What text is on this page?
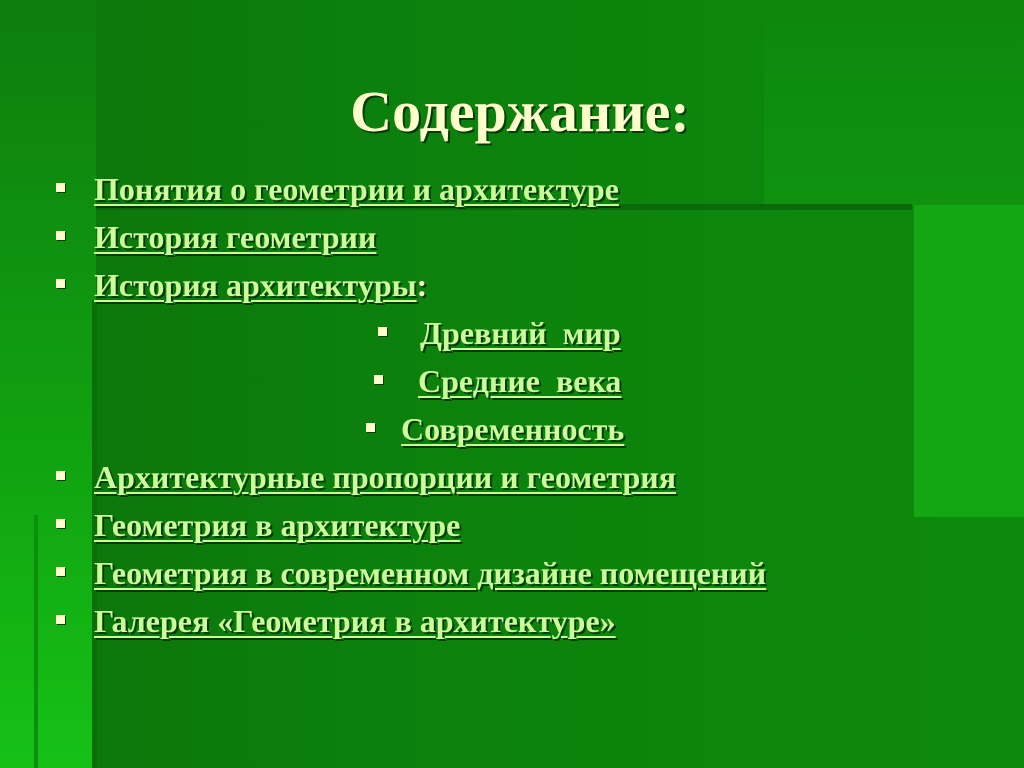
Содержание:
Понятия о геометрии и архитектуре
История геометрии
История архитектуры:
Древний  мир
Средние  века
Современность
Архитектурные пропорции и геометрия
Геометрия в архитектуре
Геометрия в современном дизайне помещений
Галерея «Геометрия в архитектуре»
